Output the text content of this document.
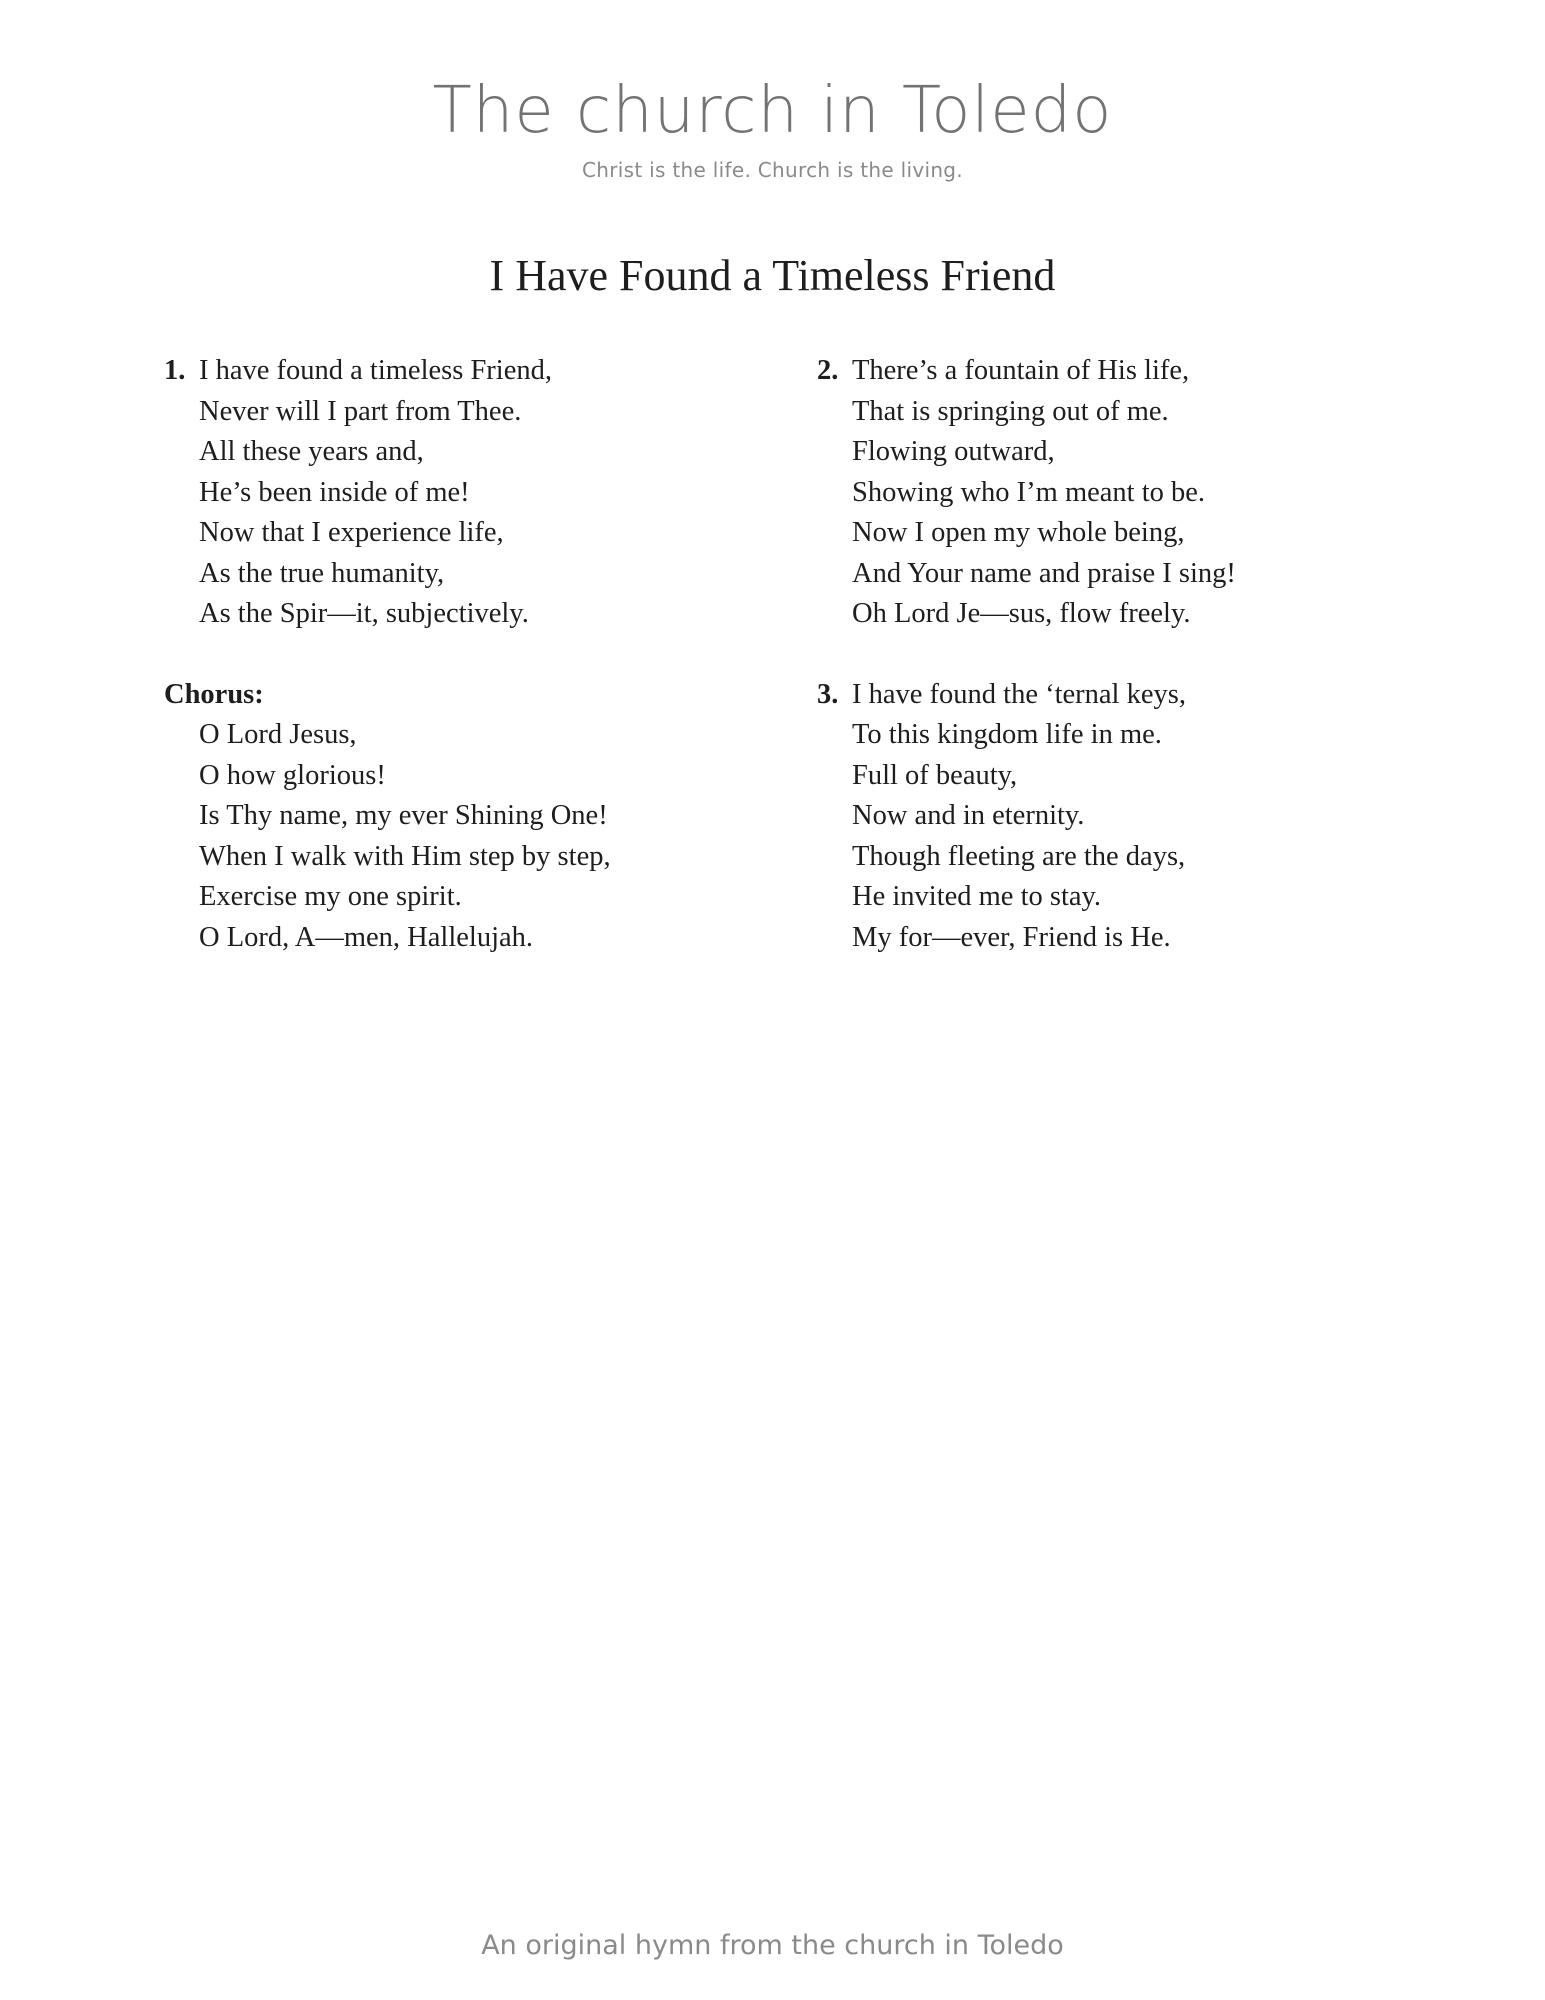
The church in Toledo
Christ is the life. Church is the living.
I Have Found a Timeless Friend
1. I have found a timeless Friend,
Never will I part from Thee.
All these years and,
He’s been inside of me!
Now that I experience life,
As the true humanity,
As the Spir—it, subjectively.
Chorus:
O Lord Jesus,
O how glorious!
Is Thy name, my ever Shining One!
When I walk with Him step by step,
Exercise my one spirit.
O Lord, A—men, Hallelujah.
2. There’s a fountain of His life,
That is springing out of me.
Flowing outward,
Showing who I’m meant to be.
Now I open my whole being,
And Your name and praise I sing!
Oh Lord Je—sus, flow freely.
3. I have found the ‘ternal keys,
To this kingdom life in me.
Full of beauty,
Now and in eternity.
Though fleeting are the days,
He invited me to stay.
My for—ever, Friend is He.
An original hymn from the church in Toledo
